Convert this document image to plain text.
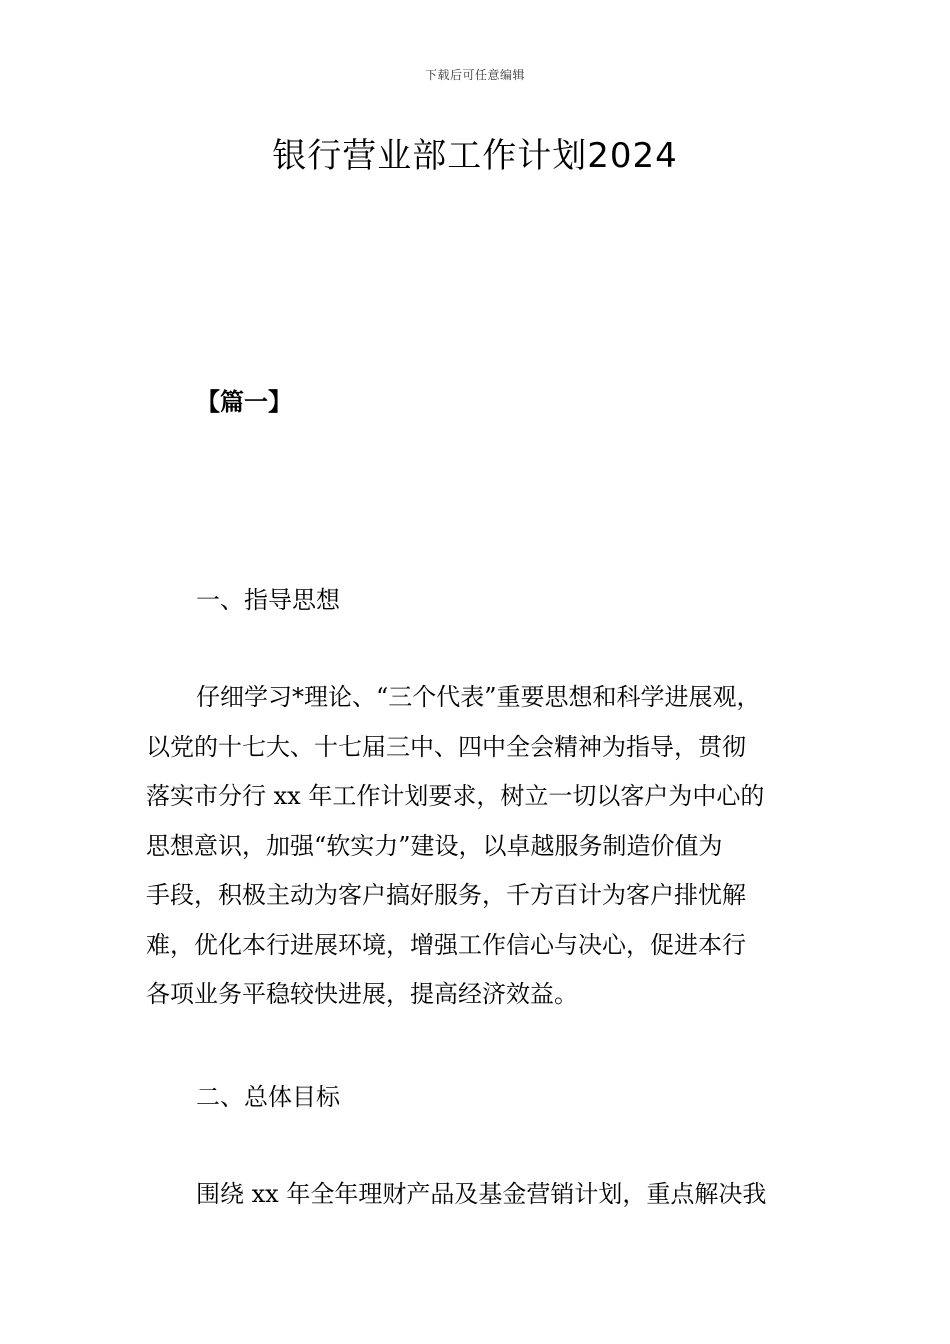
下载后可任意编辑
银行营业部工作计划2024
【篇一】
一、指导思想
仔细学习*理论、“三个代表”重要思想和科学进展观，
以党的十七大、十七届三中、四中全会精神为指导，贯彻
落实市分行 xx 年工作计划要求，树立一切以客户为中心的
思想意识，加强“软实力”建设，以卓越服务制造价值为
手段，积极主动为客户搞好服务，千方百计为客户排忧解
难，优化本行进展环境，增强工作信心与决心，促进本行
各项业务平稳较快进展，提高经济效益。
二、总体目标
围绕 xx 年全年理财产品及基金营销计划，重点解决我
